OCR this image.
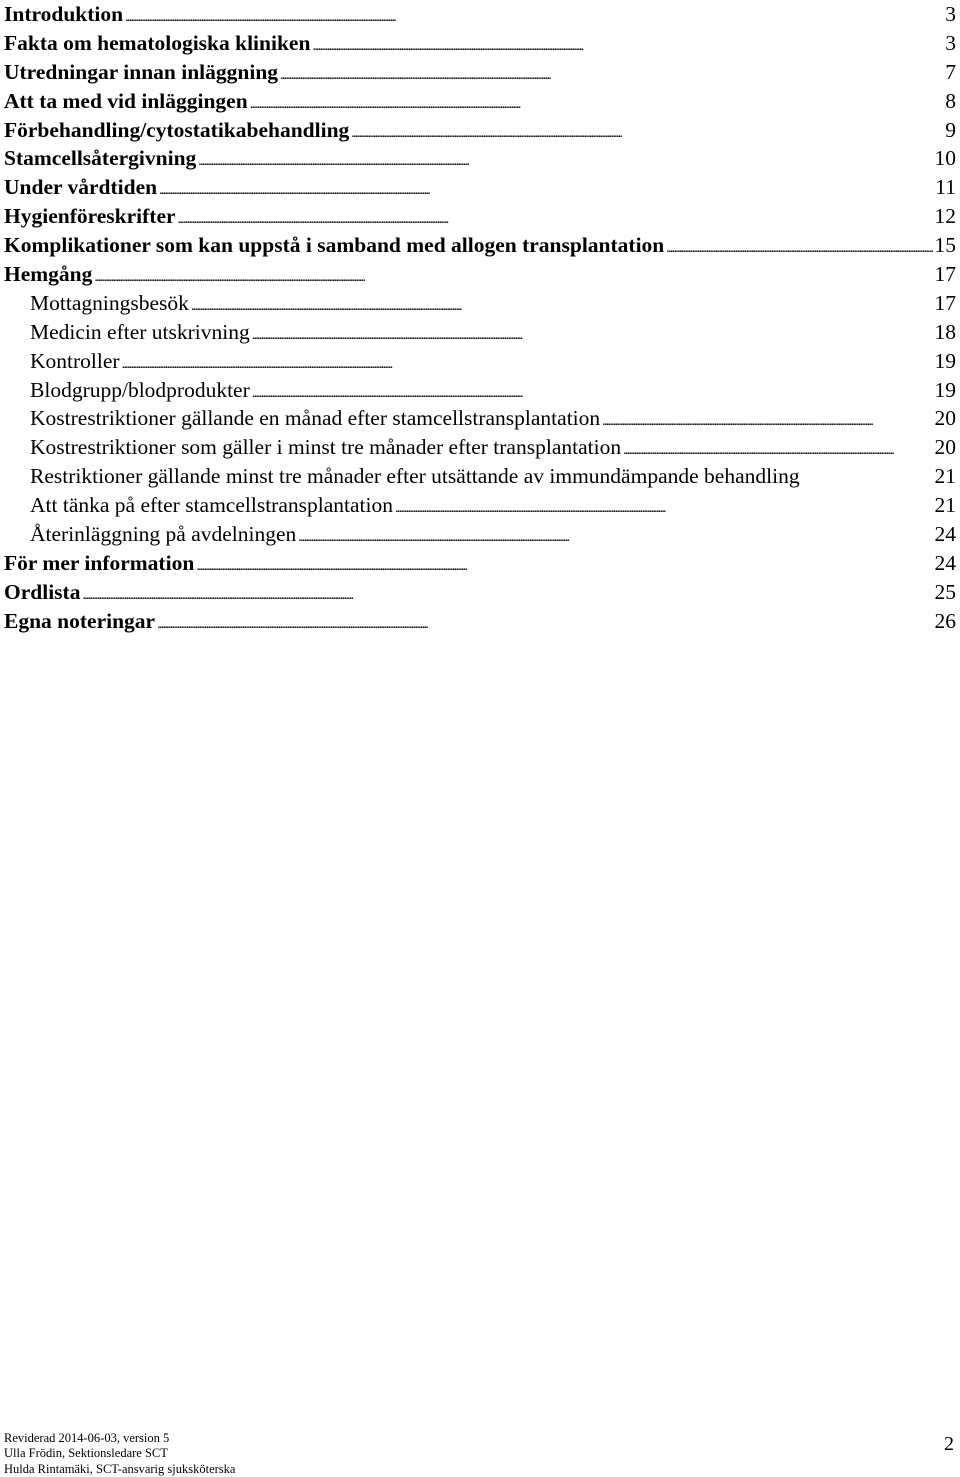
Introduktion . . .	3
Fakta om hematologiska kliniken . . .	3
Utredningar innan inläggning . . .	7
Att ta med vid inläggingen . . .	8
Förbehandling/cytostatikabehandling . . .	9
Stamcellsåtergivning . . .	10
Under vårdtiden . . .	11
Hygienföreskrifter . . .	12
Komplikationer som kan uppstå i samband med allogen transplantation . . .	15
Hemgång . . .	17
Mottagningsbesök . . .	17
Medicin efter utskrivning . . .	18
Kontroller . . .	19
Blodgrupp/blodprodukter . . .	19
Kostrestriktioner gällande en månad efter stamcellstransplantation . . .	20
Kostrestriktioner som gäller i minst tre månader efter transplantation . . .	20
Restriktioner gällande minst tre månader efter utsättande av immundämpande behandling	21
Att tänka på efter stamcellstransplantation . . .	21
Återinläggning på avdelningen . . .	24
För mer information . . .	24
Ordlista . . .	25
Egna noteringar . . .	26
Reviderad 2014-06-03, version 5
Ulla Frödin, Sektionsledare SCT
Hulda Rintamäki, SCT-ansvarig sjuksköterska
2
